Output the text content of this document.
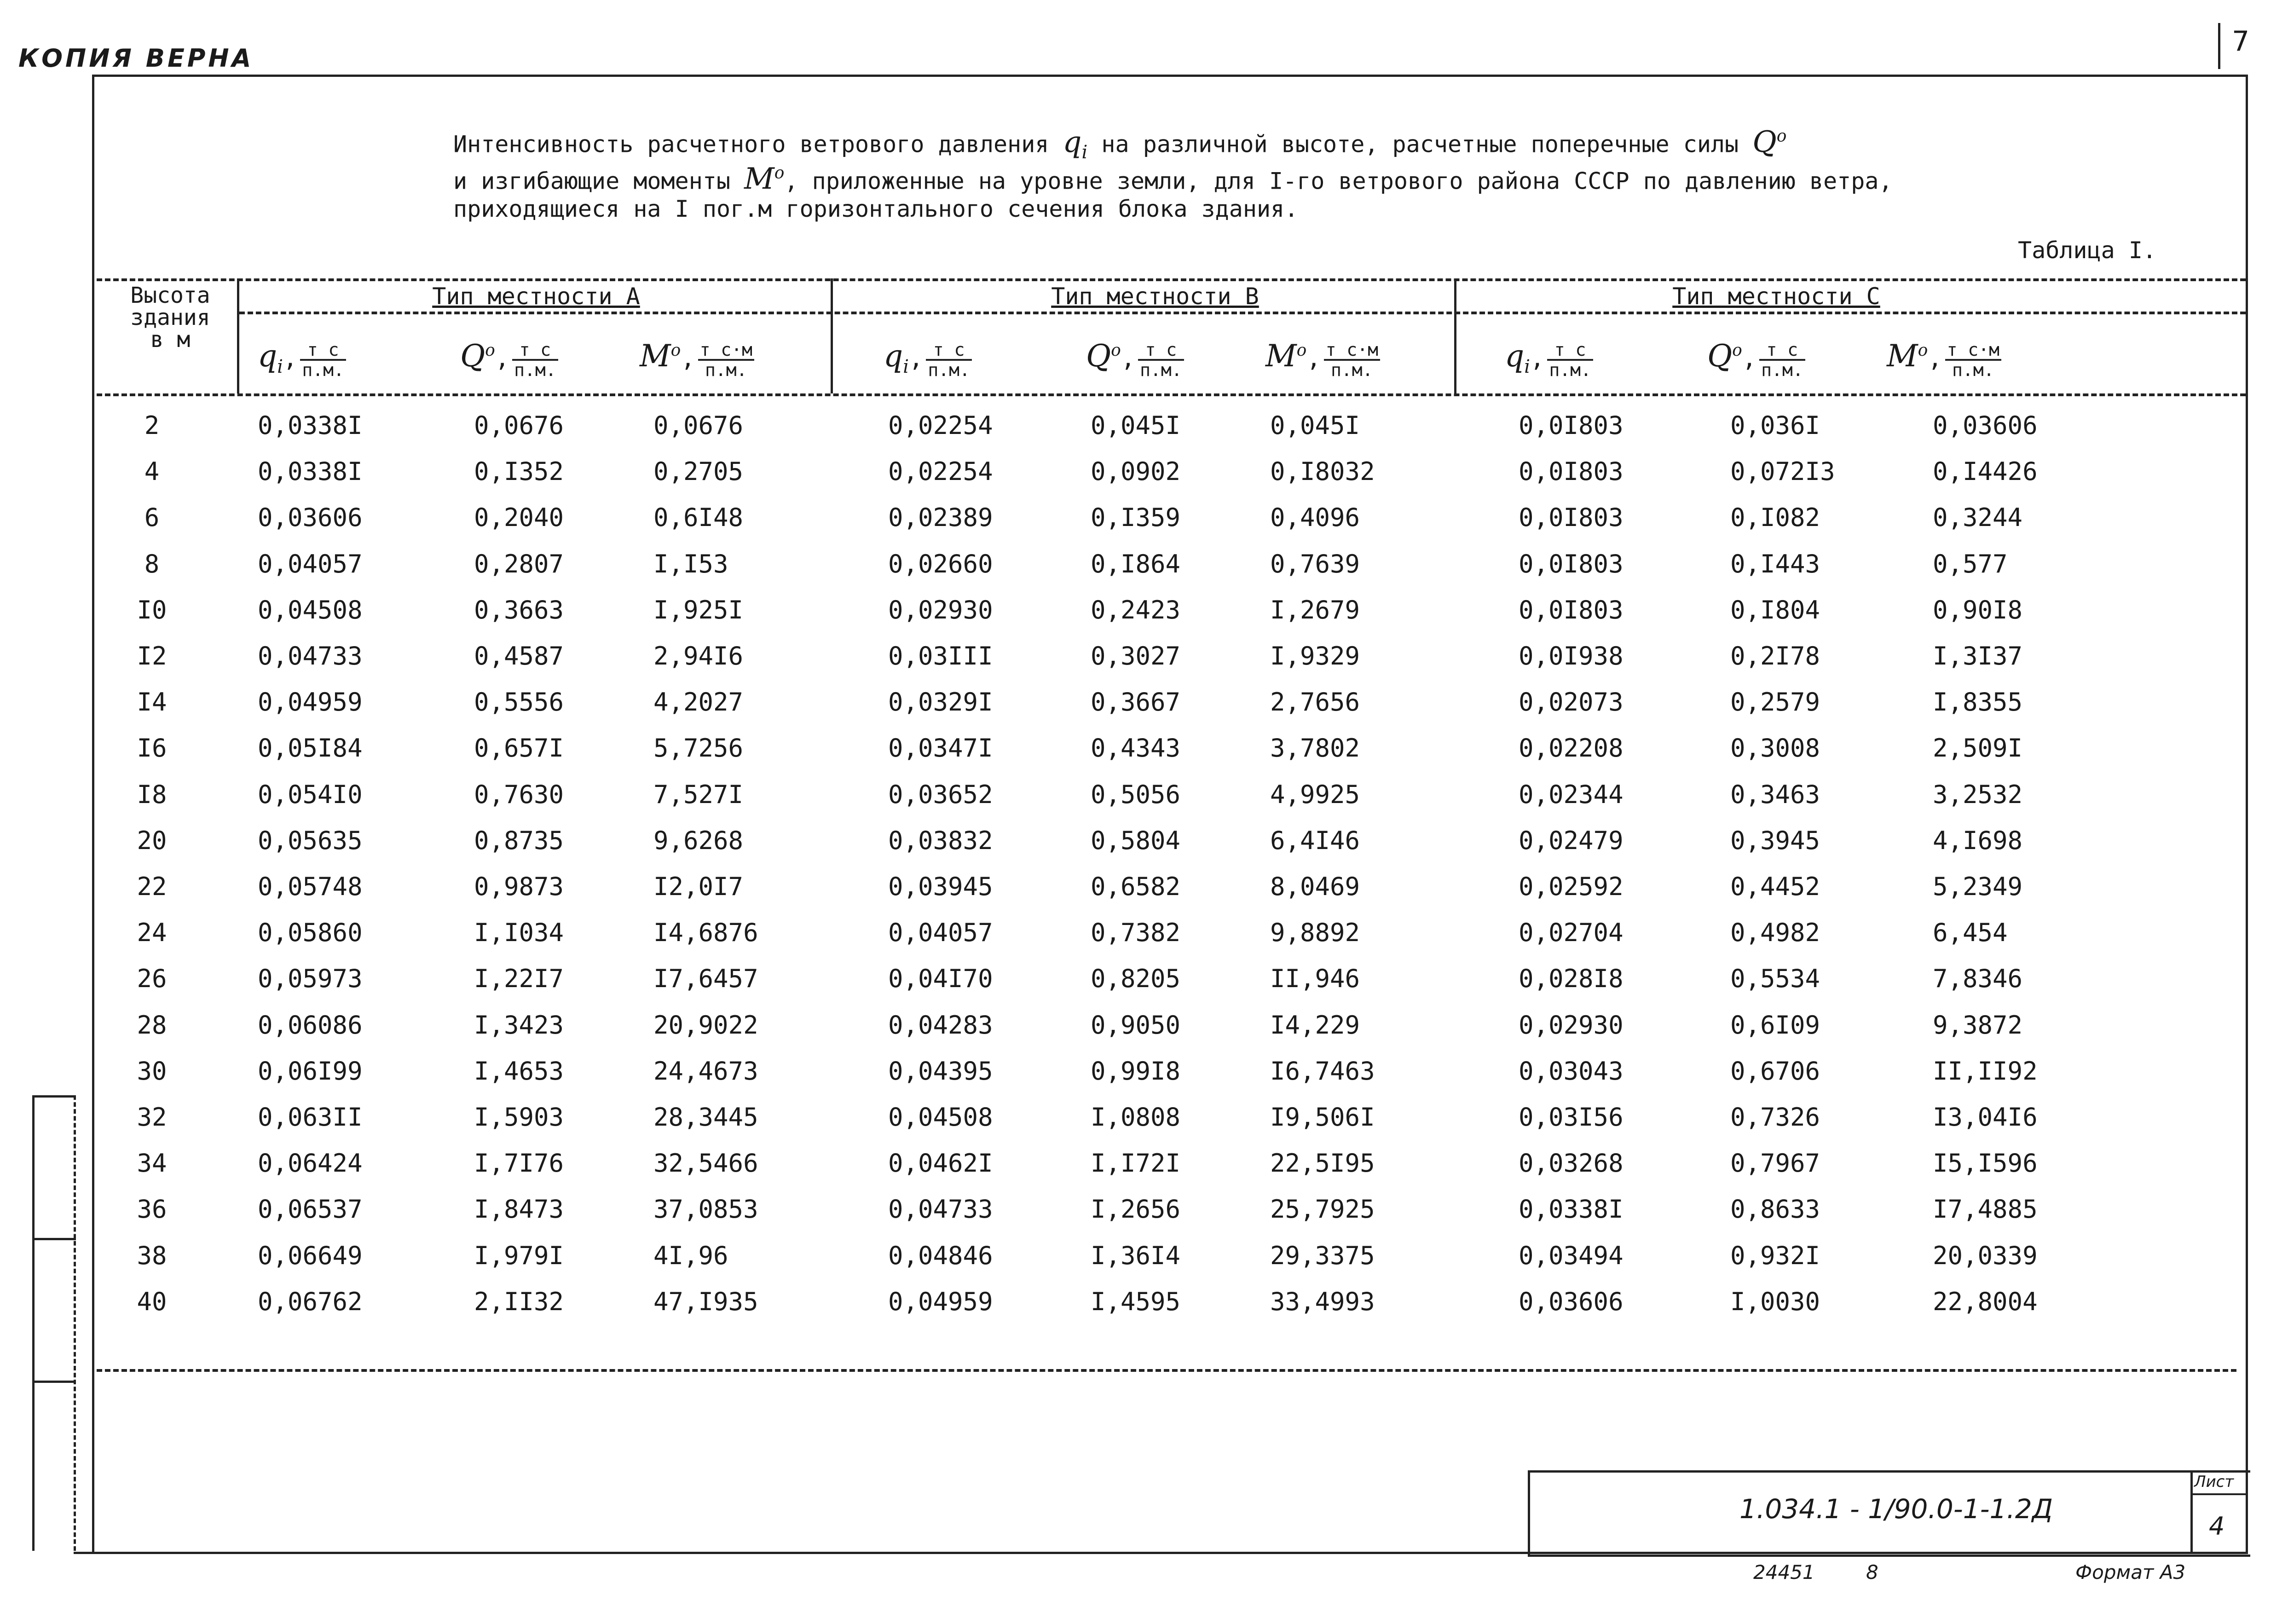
КОПИЯ ВЕРНА
7
Интенсивность расчетного ветрового давления $q_i$ на различной высоте, расчетные поперечные силы $Q^o$
и изгибающие моменты $M^o$, приложенные на уровне земли, для I-го ветрового района СССР по давлению ветра,
приходящиеся на I пог.м горизонтального сечения блока здания.
Таблица I.
Высота
здания
в м
Тип местности А	Тип местности В	Тип местности С
$q_i$, $\frac{\text{т с}}{п.м.}$	$Q^o$, $\frac{\text{т с}}{п.м.}$	$M^o$, $\frac{\text{т с·м}}{п.м.}$	$q_i$, $\frac{\text{т с}}{п.м.}$	$Q^o$, $\frac{\text{т с}}{п.м.}$	$M^o$, $\frac{\text{т с·м}}{п.м.}$	$q_i$, $\frac{\text{т с}}{п.м.}$	$Q^o$, $\frac{\text{т с}}{п.м.}$	$M^o$, $\frac{\text{т с·м}}{п.м.}$
2	0,0338I	0,0676	0,0676	0,02254	0,045I	0,045I	0,0I803	0,036I	0,03606
4	0,0338I	0,I352	0,2705	0,02254	0,0902	0,I8032	0,0I803	0,072I3	0,I4426
6	0,03606	0,2040	0,6I48	0,02389	0,I359	0,4096	0,0I803	0,I082	0,3244
8	0,04057	0,2807	I,I53	0,02660	0,I864	0,7639	0,0I803	0,I443	0,577
I0	0,04508	0,3663	I,925I	0,02930	0,2423	I,2679	0,0I803	0,I804	0,90I8
I2	0,04733	0,4587	2,94I6	0,03III	0,3027	I,9329	0,0I938	0,2I78	I,3I37
I4	0,04959	0,5556	4,2027	0,0329I	0,3667	2,7656	0,02073	0,2579	I,8355
I6	0,05I84	0,657I	5,7256	0,0347I	0,4343	3,7802	0,02208	0,3008	2,509I
I8	0,054I0	0,7630	7,527I	0,03652	0,5056	4,9925	0,02344	0,3463	3,2532
20	0,05635	0,8735	9,6268	0,03832	0,5804	6,4I46	0,02479	0,3945	4,I698
22	0,05748	0,9873	I2,0I7	0,03945	0,6582	8,0469	0,02592	0,4452	5,2349
24	0,05860	I,I034	I4,6876	0,04057	0,7382	9,8892	0,02704	0,4982	6,454
26	0,05973	I,22I7	I7,6457	0,04I70	0,8205	II,946	0,028I8	0,5534	7,8346
28	0,06086	I,3423	20,9022	0,04283	0,9050	I4,229	0,02930	0,6I09	9,3872
30	0,06I99	I,4653	24,4673	0,04395	0,99I8	I6,7463	0,03043	0,6706	II,II92
32	0,063II	I,5903	28,3445	0,04508	I,0808	I9,506I	0,03I56	0,7326	I3,04I6
34	0,06424	I,7I76	32,5466	0,0462I	I,I72I	22,5I95	0,03268	0,7967	I5,I596
36	0,06537	I,8473	37,0853	0,04733	I,2656	25,7925	0,0338I	0,8633	I7,4885
38	0,06649	I,979I	4I,96	0,04846	I,36I4	29,3375	0,03494	0,932I	20,0339
40	0,06762	2,II32	47,I935	0,04959	I,4595	33,4993	0,03606	I,0030	22,8004
1.034.1 - 1/90.0-1-1.2Д
Лист
4
24451	8	Формат А3
